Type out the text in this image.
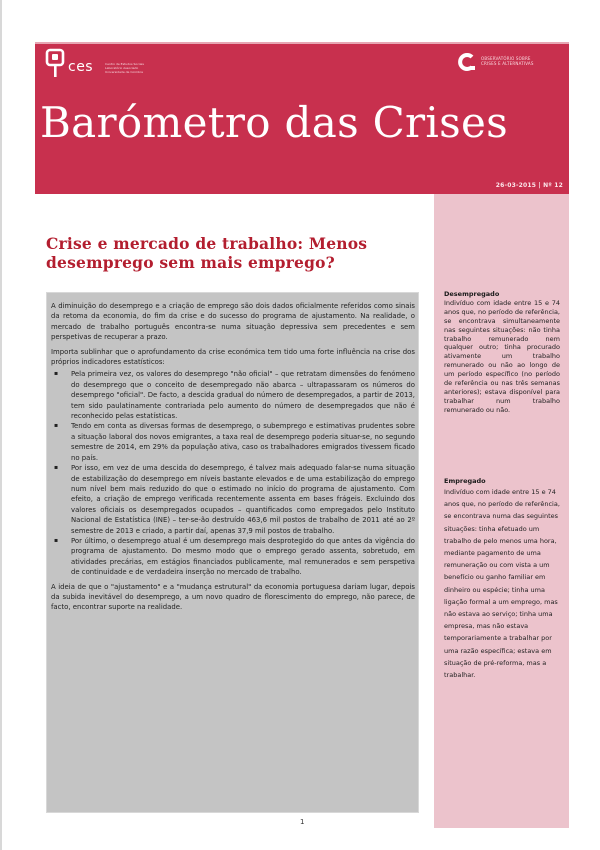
ces	Centro de Estudos Sociais Laboratório Associado Universidade de Coimbra
OBSERVATÓRIO SOBRE CRISES E ALTERNATIVAS
Barómetro das Crises
26-03-2015 | Nº 12
Desempregado
Indivíduo com idade entre 15 e 74 anos que, no período de referência, se encontrava simultaneamente nas seguintes situações: não tinha trabalho remunerado nem qualquer outro; tinha procurado ativamente um trabalho remunerado ou não ao longo de um período específico (no período de referência ou nas três semanas anteriores); estava disponível para trabalhar num trabalho remunerado ou não.
Empregado
Indivíduo com idade entre 15 e 74 anos que, no período de referência, se encontrava numa das seguintes situações: tinha efetuado um trabalho de pelo menos uma hora, mediante pagamento de uma remuneração ou com vista a um benefício ou ganho familiar em dinheiro ou espécie; tinha uma ligação formal a um emprego, mas não estava ao serviço; tinha uma empresa, mas não estava temporariamente a trabalhar por uma razão específica; estava em situação de pré-reforma, mas a trabalhar.
Crise e mercado de trabalho: Menos desemprego sem mais emprego?

A diminuição do desemprego e a criação de emprego são dois dados oficialmente referidos como sinais da retoma da economia, do fim da crise e do sucesso do programa de ajustamento. Na realidade, o mercado de trabalho português encontra-se numa situação depressiva sem precedentes e sem perspetivas de recuperar a prazo.

Importa sublinhar que o aprofundamento da crise económica tem tido uma forte influência na crise dos próprios indicadores estatísticos:

▪ Pela primeira vez, os valores do desemprego "não oficial" – que retratam dimensões do fenómeno do desemprego que o conceito de desempregado não abarca – ultrapassaram os números do desemprego "oficial". De facto, a descida gradual do número de desempregados, a partir de 2013, tem sido paulatinamente contrariada pelo aumento do número de desempregados que não é reconhecido pelas estatísticas.
▪ Tendo em conta as diversas formas de desemprego, o subemprego e estimativas prudentes sobre a situação laboral dos novos emigrantes, a taxa real de desemprego poderia situar-se, no segundo semestre de 2014, em 29% da população ativa, caso os trabalhadores emigrados tivessem ficado no país.
▪ Por isso, em vez de uma descida do desemprego, é talvez mais adequado falar-se numa situação de estabilização do desemprego em níveis bastante elevados e de uma estabilização do emprego num nível bem mais reduzido do que o estimado no início do programa de ajustamento. Com efeito, a criação de emprego verificada recentemente assenta em bases frágeis. Excluindo dos valores oficiais os desempregados ocupados – quantificados como empregados pelo Instituto Nacional de Estatística (INE) – ter-se-ão destruído 463,6 mil postos de trabalho de 2011 até ao 2º semestre de 2013 e criado, a partir daí, apenas 37,9 mil postos de trabalho.
▪ Por último, o desemprego atual é um desemprego mais desprotegido do que antes da vigência do programa de ajustamento. Do mesmo modo que o emprego gerado assenta, sobretudo, em atividades precárias, em estágios financiados publicamente, mal remunerados e sem perspetiva de continuidade e de verdadeira inserção no mercado de trabalho.

A ideia de que o "ajustamento" e a "mudança estrutural" da economia portuguesa dariam lugar, depois da subida inevitável do desemprego, a um novo quadro de florescimento do emprego, não parece, de facto, encontrar suporte na realidade.

1
